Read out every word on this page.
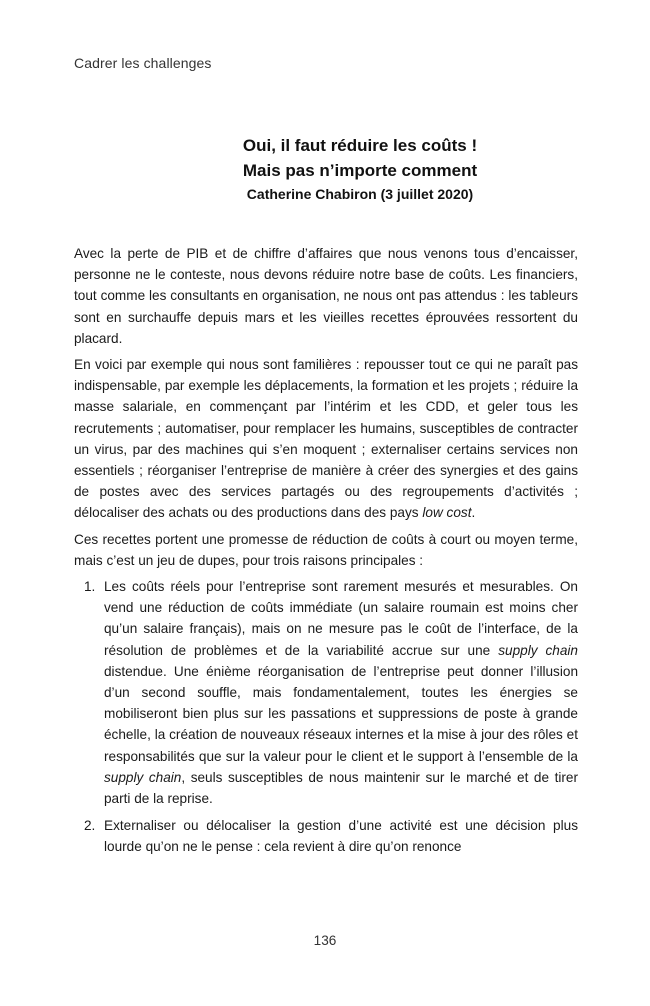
Cadrer les challenges
Oui, il faut réduire les coûts !
Mais pas n’importe comment
Catherine Chabiron (3 juillet 2020)

Avec la perte de PIB et de chiffre d’affaires que nous venons tous d’encaisser, personne ne le conteste, nous devons réduire notre base de coûts. Les financiers, tout comme les consultants en organisation, ne nous ont pas attendus : les tableurs sont en surchauffe depuis mars et les vieilles recettes éprouvées ressortent du placard.

En voici par exemple qui nous sont familières : repousser tout ce qui ne paraît pas indispensable, par exemple les déplacements, la formation et les projets ; réduire la masse salariale, en commençant par l’intérim et les CDD, et geler tous les recrutements ; automatiser, pour remplacer les humains, susceptibles de contracter un virus, par des machines qui s’en moquent ; externaliser certains services non essentiels ; réorganiser l’entreprise de manière à créer des synergies et des gains de postes avec des services partagés ou des regroupements d’activités ; délocaliser des achats ou des productions dans des pays low cost.

Ces recettes portent une promesse de réduction de coûts à court ou moyen terme, mais c’est un jeu de dupes, pour trois raisons principales :

1. Les coûts réels pour l’entreprise sont rarement mesurés et mesurables. On vend une réduction de coûts immédiate (un salaire roumain est moins cher qu’un salaire français), mais on ne mesure pas le coût de l’interface, de la résolution de problèmes et de la variabilité accrue sur une supply chain distendue. Une énième réorganisation de l’entreprise peut donner l’illusion d’un second souffle, mais fondamentalement, toutes les énergies se mobiliseront bien plus sur les passations et suppressions de poste à grande échelle, la création de nouveaux réseaux internes et la mise à jour des rôles et responsabilités que sur la valeur pour le client et le support à l’ensemble de la supply chain, seuls susceptibles de nous maintenir sur le marché et de tirer parti de la reprise.
2. Externaliser ou délocaliser la gestion d’une activité est une décision plus lourde qu’on ne le pense : cela revient à dire qu’on renonce
136
